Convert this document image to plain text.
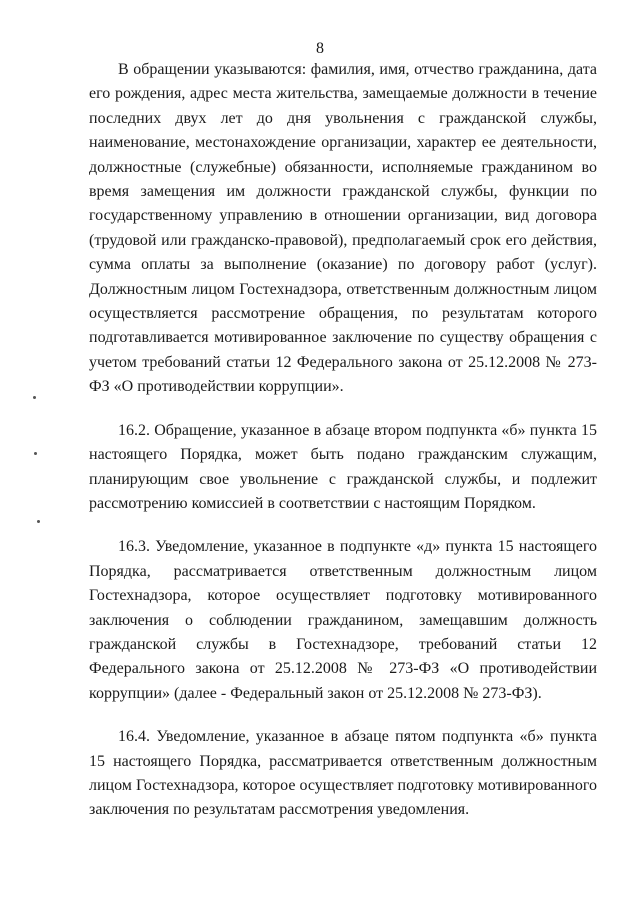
8

В обращении указываются: фамилия, имя, отчество гражданина, дата его рождения, адрес места жительства, замещаемые должности в течение последних двух лет до дня увольнения с гражданской службы, наименование, местонахождение организации, характер ее деятельности, должностные (служебные) обязанности, исполняемые гражданином во время замещения им должности гражданской службы, функции по государственному управлению в отношении организации, вид договора (трудовой или гражданско-правовой), предполагаемый срок его действия, сумма оплаты за выполнение (оказание) по договору работ (услуг). Должностным лицом Гостехнадзора, ответственным должностным лицом осуществляется рассмотрение обращения, по результатам которого подготавливается мотивированное заключение по существу обращения с учетом требований статьи 12 Федерального закона от 25.12.2008 № 273-ФЗ «О противодействии коррупции».

16.2. Обращение, указанное в абзаце втором подпункта «б» пункта 15 настоящего Порядка, может быть подано гражданским служащим, планирующим свое увольнение с гражданской службы, и подлежит рассмотрению комиссией в соответствии с настоящим Порядком.

16.3. Уведомление, указанное в подпункте «д» пункта 15 настоящего Порядка, рассматривается ответственным должностным лицом Гостехнадзора, которое осуществляет подготовку мотивированного заключения о соблюдении гражданином, замещавшим должность гражданской службы в Гостехнадзоре, требований статьи 12 Федерального закона от 25.12.2008 № 273-ФЗ «О противодействии коррупции» (далее - Федеральный закон от 25.12.2008 № 273-ФЗ).

16.4. Уведомление, указанное в абзаце пятом подпункта «б» пункта 15 настоящего Порядка, рассматривается ответственным должностным лицом Гостехнадзора, которое осуществляет подготовку мотивированного заключения по результатам рассмотрения уведомления.
